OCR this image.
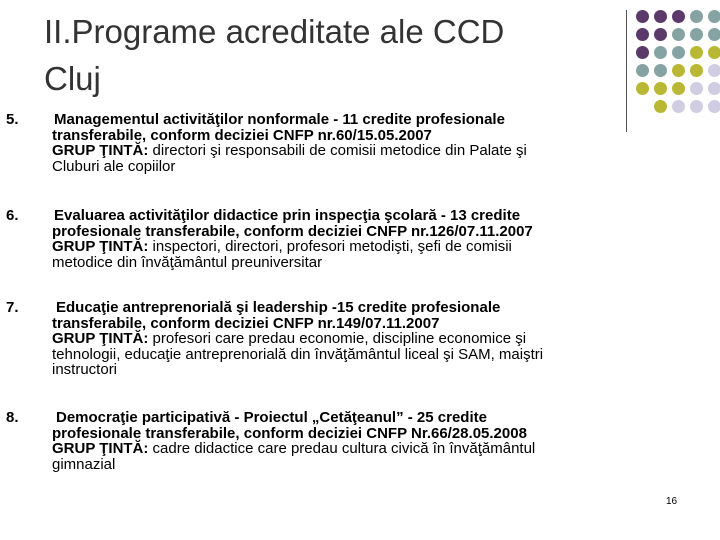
II.Programe acreditate ale CCD
Cluj
5. Managementul activităţilor nonformale - 11 credite profesionale
transferabile, conform deciziei CNFP nr.60/15.05.2007
GRUP ŢINTĂ: directori şi responsabili de comisii metodice din Palate şi
Cluburi ale copiilor
6. Evaluarea activităţilor didactice prin inspecţia şcolară - 13 credite
profesionale transferabile, conform deciziei CNFP nr.126/07.11.2007
GRUP ŢINTĂ: inspectori, directori, profesori metodişti, şefi de comisii
metodice din învăţământul preuniversitar
7. Educaţie antreprenorială şi leadership -15 credite profesionale
transferabile, conform deciziei CNFP nr.149/07.11.2007
GRUP ŢINTĂ: profesori care predau economie, discipline economice şi
tehnologii, educaţie antreprenorială din învăţământul liceal şi SAM, maiştri
instructori
8. Democraţie participativă - Proiectul „Cetăţeanul” - 25 credite
profesionale transferabile, conform deciziei CNFP Nr.66/28.05.2008
GRUP ŢINTĂ: cadre didactice care predau cultura civică în învăţământul
gimnazial
16
